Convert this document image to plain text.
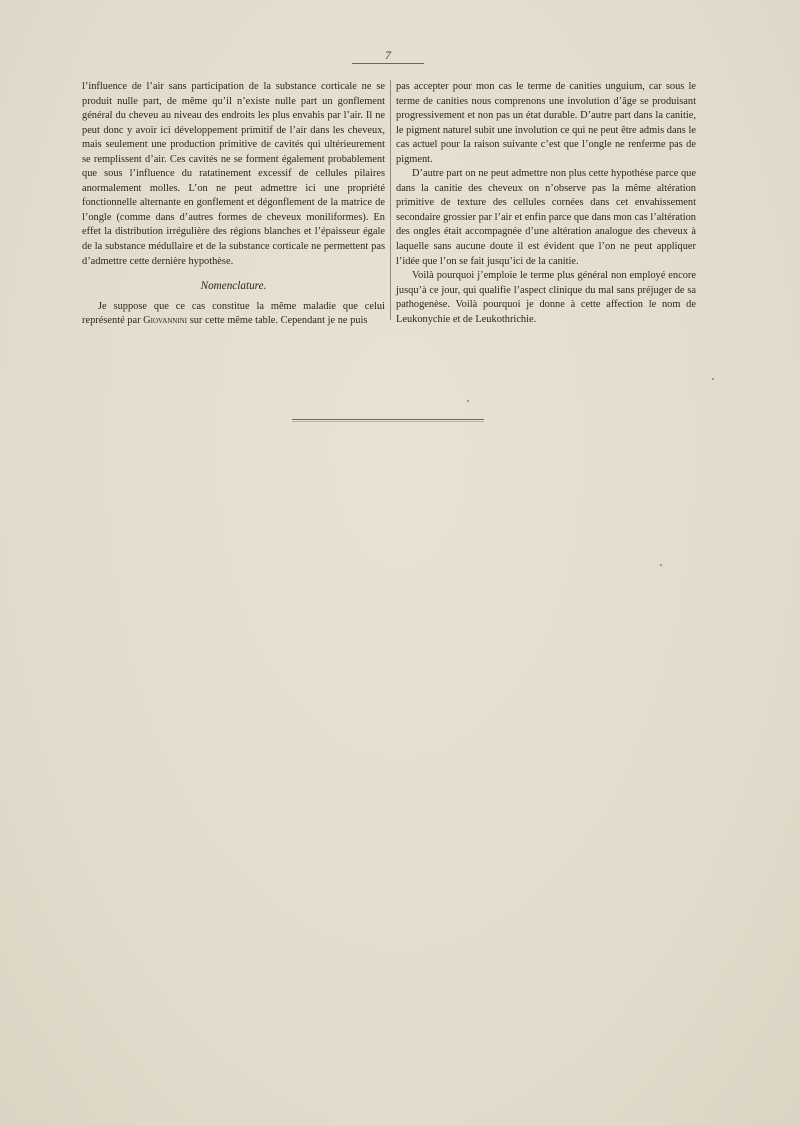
7

l’influence de l’air sans participation de la substance corticale ne se produit nulle part, de même qu’il n’existe nulle part un gonflement général du cheveu au niveau des endroits les plus envahis par l’air. Il ne peut donc y avoir ici développement primitif de l’air dans les cheveux, mais seulement une production primitive de cavités qui ultérieurement se remplissent d’air. Ces cavités ne se forment également probablement que sous l’influence du ratatinement excessif de cellules pilaires anormalement molles. L’on ne peut admettre ici une propriété fonctionnelle alternante en gonflement et dégonflement de la matrice de l’ongle (comme dans d’autres formes de cheveux moniliformes). En effet la distribution irrégulière des régions blanches et l’épaisseur égale de la substance médullaire et de la substance corticale ne permettent pas d’admettre cette dernière hypothèse.

Nomenclature.

Je suppose que ce cas constitue la même maladie que celui représenté par Giovannini sur cette même table. Cependant je ne puis

pas accepter pour mon cas le terme de canities unguium, car sous le terme de canities nous comprenons une involution d’âge se produisant progressivement et non pas un état durable. D’autre part dans la canitie, le pigment naturel subit une involution ce qui ne peut être admis dans le cas actuel pour la raison suivante c’est que l’ongle ne renferme pas de pigment.

D’autre part on ne peut admettre non plus cette hypothèse parce que dans la canitie des cheveux on n’observe pas la même altération primitive de texture des cellules cornées dans cet envahissement secondaire grossier par l’air et enfin parce que dans mon cas l’altération des ongles était accompagnée d’une altération analogue des cheveux à laquelle sans aucune doute il est évident que l’on ne peut appliquer l’idée que l’on se fait jusqu’ici de la canitie.

Voilà pourquoi j’emploie le terme plus général non employé encore jusqu’à ce jour, qui qualifie l’aspect clinique du mal sans préjuger de sa pathogenèse. Voilà pourquoi je donne à cette affection le nom de Leukonychie et de Leukothrichie.
